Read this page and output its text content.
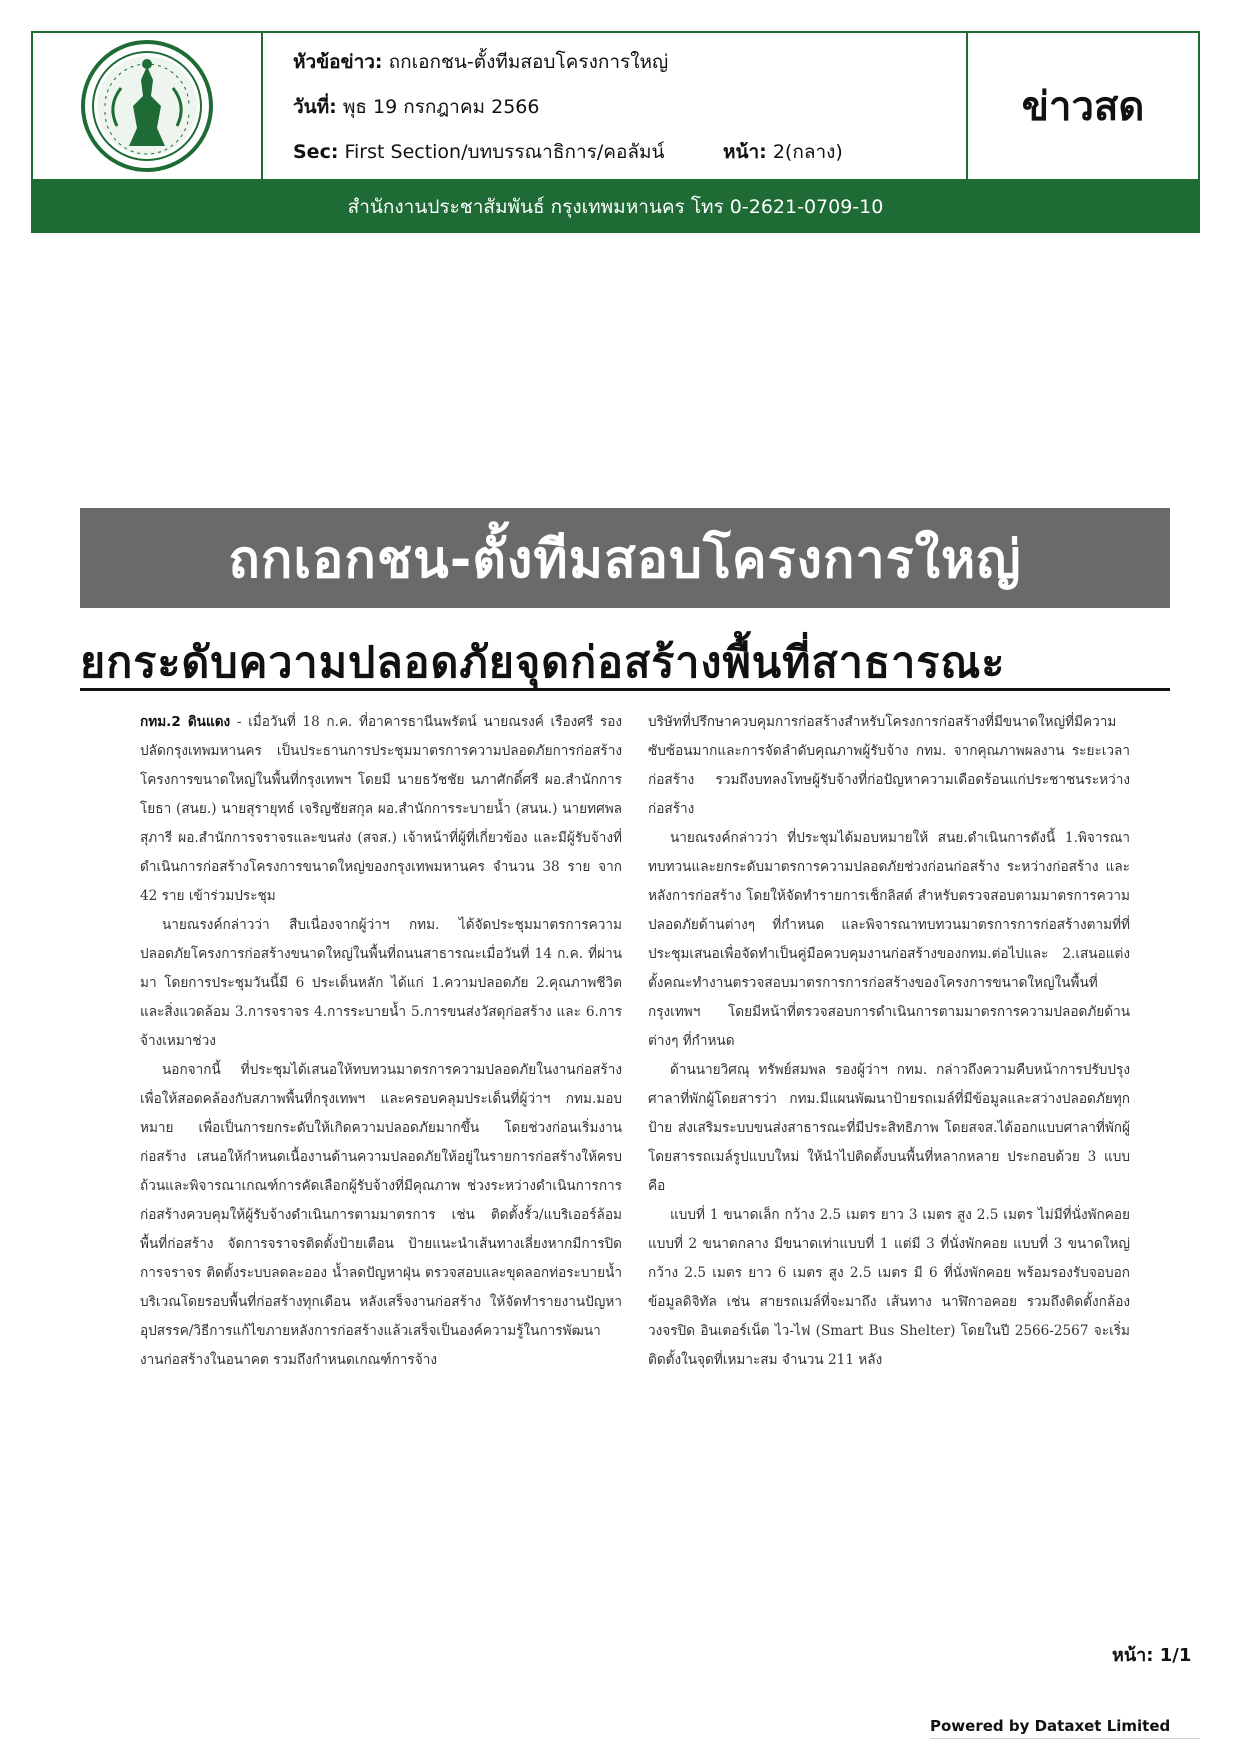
หัวข้อข่าว: ถกเอกชน-ตั้งทีมสอบโครงการใหญ่
วันที่: พุธ 19 กรกฎาคม 2566
Sec: First Section/บทบรรณาธิการ/คอลัมน์	หน้า: 2(กลาง)
ข่าวสด
สำนักงานประชาสัมพันธ์ กรุงเทพมหานคร โทร 0-2621-0709-10
ถกเอกชน-ตั้งทีมสอบโครงการใหญ่
ยกระดับความปลอดภัยจุดก่อสร้างพื้นที่สาธารณะ

กทม.2 ดินแดง - เมื่อวันที่ 18 ก.ค. ที่อาคารธานีนพรัตน์ นายณรงค์ เรืองศรี รองปลัดกรุงเทพมหานคร เป็นประธานการประชุมมาตรการความปลอดภัยการก่อสร้างโครงการขนาดใหญ่ในพื้นที่กรุงเทพฯ โดยมี นายธวัชชัย นภาศักดิ์ศรี ผอ.สำนักการโยธา (สนย.) นายสุรายุทธ์ เจริญชัยสกุล ผอ.สำนักการระบายน้ำ (สนน.) นายทศพล สุภารี ผอ.สำนักการจราจรและขนส่ง (สจส.) เจ้าหน้าที่ผู้ที่เกี่ยวข้อง และมีผู้รับจ้างที่ดำเนินการก่อสร้างโครงการขนาดใหญ่ของกรุงเทพมหานคร จำนวน 38 ราย จาก 42 ราย เข้าร่วมประชุม

นายณรงค์กล่าวว่า สืบเนื่องจากผู้ว่าฯ กทม. ได้จัดประชุมมาตรการความปลอดภัยโครงการก่อสร้างขนาดใหญ่ในพื้นที่ถนนสาธารณะเมื่อวันที่ 14 ก.ค. ที่ผ่านมา โดยการประชุมวันนี้มี 6 ประเด็นหลัก ได้แก่ 1.ความปลอดภัย 2.คุณภาพชีวิตและสิ่งแวดล้อม 3.การจราจร 4.การระบายน้ำ 5.การขนส่งวัสดุก่อสร้าง และ 6.การจ้างเหมาช่วง

นอกจากนี้ ที่ประชุมได้เสนอให้ทบทวนมาตรการความปลอดภัยในงานก่อสร้างเพื่อให้สอดคล้องกับสภาพพื้นที่กรุงเทพฯ และครอบคลุมประเด็นที่ผู้ว่าฯ กทม.มอบหมาย เพื่อเป็นการยกระดับให้เกิดความปลอดภัยมากขึ้น โดยช่วงก่อนเริ่มงานก่อสร้าง เสนอให้กำหนดเนื้องานด้านความปลอดภัยให้อยู่ในรายการก่อสร้างให้ครบถ้วนและพิจารณาเกณฑ์การคัดเลือกผู้รับจ้างที่มีคุณภาพ ช่วงระหว่างดำเนินการการก่อสร้างควบคุมให้ผู้รับจ้างดำเนินการตามมาตรการ เช่น ติดตั้งรั้ว/แบริเออร์ล้อมพื้นที่ก่อสร้าง จัดการจราจรติดตั้งป้ายเตือน ป้ายแนะนำเส้นทางเลี่ยงหากมีการปิดการจราจร ติดตั้งระบบลดละออง น้ำลดปัญหาฝุ่น ตรวจสอบและขุดลอกท่อระบายน้ำบริเวณโดยรอบพื้นที่ก่อสร้างทุกเดือน หลังเสร็จงานก่อสร้าง ให้จัดทำรายงานปัญหาอุปสรรค/วิธีการแก้ไขภายหลังการก่อสร้างแล้วเสร็จเป็นองค์ความรู้ในการพัฒนางานก่อสร้างในอนาคต รวมถึงกำหนดเกณฑ์การจ้าง

บริษัทที่ปรึกษาควบคุมการก่อสร้างสำหรับโครงการก่อสร้างที่มีขนาดใหญ่ที่มีความซับซ้อนมากและการจัดลำดับคุณภาพผู้รับจ้าง กทม. จากคุณภาพผลงาน ระยะเวลาก่อสร้าง รวมถึงบทลงโทษผู้รับจ้างที่ก่อปัญหาความเดือดร้อนแก่ประชาชนระหว่างก่อสร้าง

นายณรงค์กล่าวว่า ที่ประชุมได้มอบหมายให้ สนย.ดำเนินการดังนี้ 1.พิจารณาทบทวนและยกระดับมาตรการความปลอดภัยช่วงก่อนก่อสร้าง ระหว่างก่อสร้าง และหลังการก่อสร้าง โดยให้จัดทำรายการเช็กลิสต์ สำหรับตรวจสอบตามมาตรการความปลอดภัยด้านต่างๆ ที่กำหนด และพิจารณาทบทวนมาตรการการก่อสร้างตามที่ที่ประชุมเสนอเพื่อจัดทำเป็นคู่มือควบคุมงานก่อสร้างของกทม.ต่อไปและ 2.เสนอแต่งตั้งคณะทำงานตรวจสอบมาตรการการก่อสร้างของโครงการขนาดใหญ่ในพื้นที่กรุงเทพฯ โดยมีหน้าที่ตรวจสอบการดำเนินการตามมาตรการความปลอดภัยด้านต่างๆ ที่กำหนด

ด้านนายวิศณุ ทรัพย์สมพล รองผู้ว่าฯ กทม. กล่าวถึงความคืบหน้าการปรับปรุงศาลาที่พักผู้โดยสารว่า กทม.มีแผนพัฒนาป้ายรถเมล์ที่มีข้อมูลและสว่างปลอดภัยทุกป้าย ส่งเสริมระบบขนส่งสาธารณะที่มีประสิทธิภาพ โดยสจส.ได้ออกแบบศาลาที่พักผู้โดยสารรถเมล์รูปแบบใหม่ ให้นำไปติดตั้งบนพื้นที่หลากหลาย ประกอบด้วย 3 แบบคือ

แบบที่ 1 ขนาดเล็ก กว้าง 2.5 เมตร ยาว 3 เมตร สูง 2.5 เมตร ไม่มีที่นั่งพักคอย แบบที่ 2 ขนาดกลาง มีขนาดเท่าแบบที่ 1 แต่มี 3 ที่นั่งพักคอย แบบที่ 3 ขนาดใหญ่ กว้าง 2.5 เมตร ยาว 6 เมตร สูง 2.5 เมตร มี 6 ที่นั่งพักคอย พร้อมรองรับจอบอกข้อมูลดิจิทัล เช่น สายรถเมล์ที่จะมาถึง เส้นทาง นาฬิกาอคอย รวมถึงติดตั้งกล้องวงจรปิด อินเตอร์เน็ต ไว-ไฟ (Smart Bus Shelter) โดยในปี 2566-2567 จะเริ่มติดตั้งในจุดที่เหมาะสม จำนวน 211 หลัง

หน้า: 1/1
Powered by Dataxet Limited
